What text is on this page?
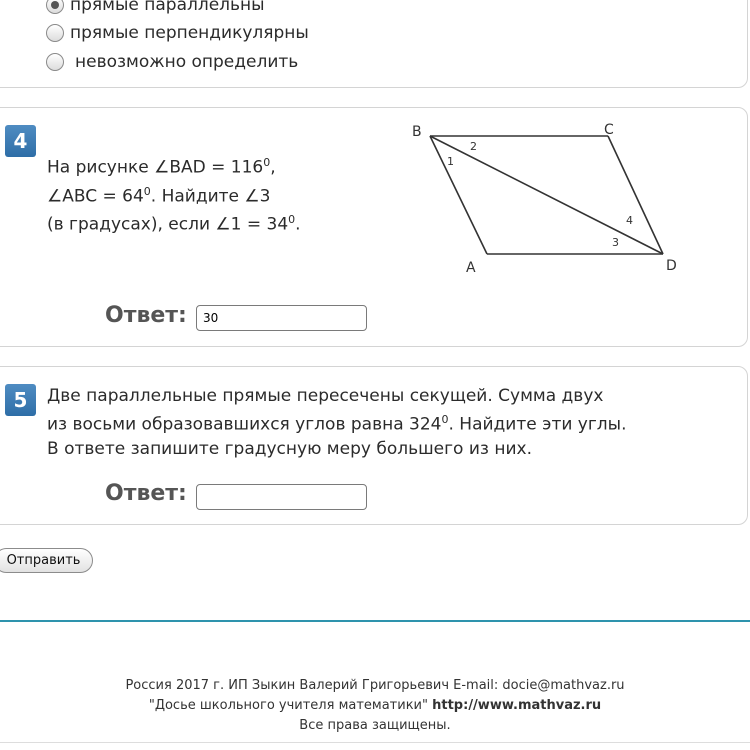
прямые параллельны
прямые перпендикулярны
невозможно определить
4

На рисунке ∠BAD = $116^0$,
∠ABC = $64^0$. Найдите ∠3
(в градусах), если ∠1 = $34^0$.

B	C
A	D
1
2
3
4
Ответ:
30
5	Две параллельные прямые пересечены секущей. Сумма двух
из восьми образовавшихся углов равна $324^0$. Найдите эти углы.
В ответе запишите градусную меру большего из них.

Ответ:
Отправить
Россия 2017 г. ИП Зыкин Валерий Григорьевич E-mail: docie@mathvaz.ru
"Досье школьного учителя математики" http://www.mathvaz.ru
Все права защищены.
